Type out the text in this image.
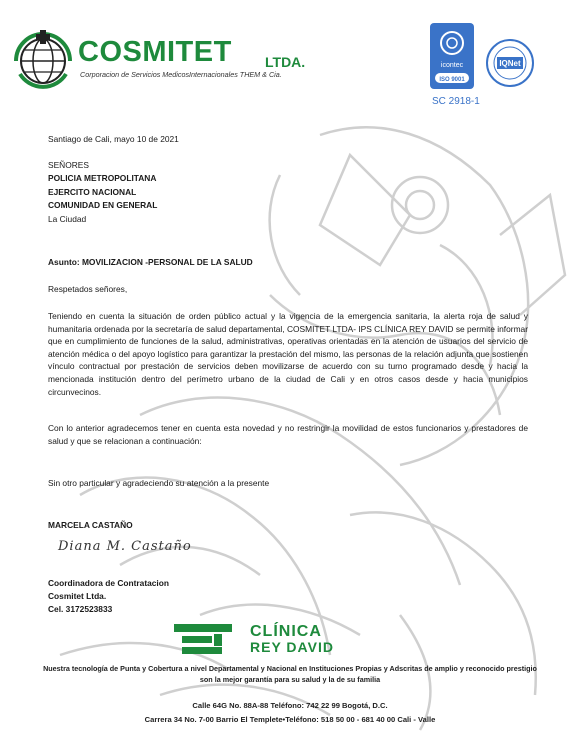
COSMITET LTDA.
Corporacion de Servicios MedicosInternacionales THEM & Cia.
icontec
ISO 9001
IQNet
SC 2918-1
Santiago de Cali, mayo 10 de 2021
SEÑORES
POLICIA METROPOLITANA
EJERCITO NACIONAL
COMUNIDAD EN GENERAL
La Ciudad
Asunto: MOVILIZACION -PERSONAL DE LA SALUD
Respetados señores,
Teniendo en cuenta la situación de orden público actual y la vigencia de la emergencia sanitaria, la alerta roja de salud y humanitaria ordenada por la secretaría de salud departamental, COSMITET LTDA- IPS CLÍNICA REY DAVID se permite informar que en cumplimiento de funciones de la salud, administrativas, operativas orientadas en la atención de usuarios del servicio de atención médica o del apoyo logístico para garantizar la prestación del mismo, las personas de la relación adjunta que sostienen vínculo contractual por prestación de servicios deben movilizarse de acuerdo con su turno programado desde y hacia la mencionada institución dentro del perímetro urbano de la ciudad de Cali y en otros casos desde y hacia municipios circunvecinos.
Con lo anterior agradecemos tener en cuenta esta novedad y no restringir la movilidad de estos funcionarios y prestadores de salud y que se relacionan a continuación:
Sin otro particular y agradeciendo su atención a la presente
MARCELA CASTAÑO
Diana M. Castaño
Coordinadora de Contratacion
Cosmitet Ltda.
Cel. 3172523833
CLÍNICA
REY DAVID
Nuestra tecnología de Punta y Cobertura a nivel Departamental y Nacional en Instituciones Propias y Adscritas de amplio y reconocido prestigio son la mejor garantía para su salud y la de su familia
Calle 64G No. 88A-88 Teléfono: 742 22 99 Bogotá, D.C.
Carrera 34 No. 7-00 Barrio El Templete•Teléfono: 518 50 00 - 681 40 00 Cali - Valle
